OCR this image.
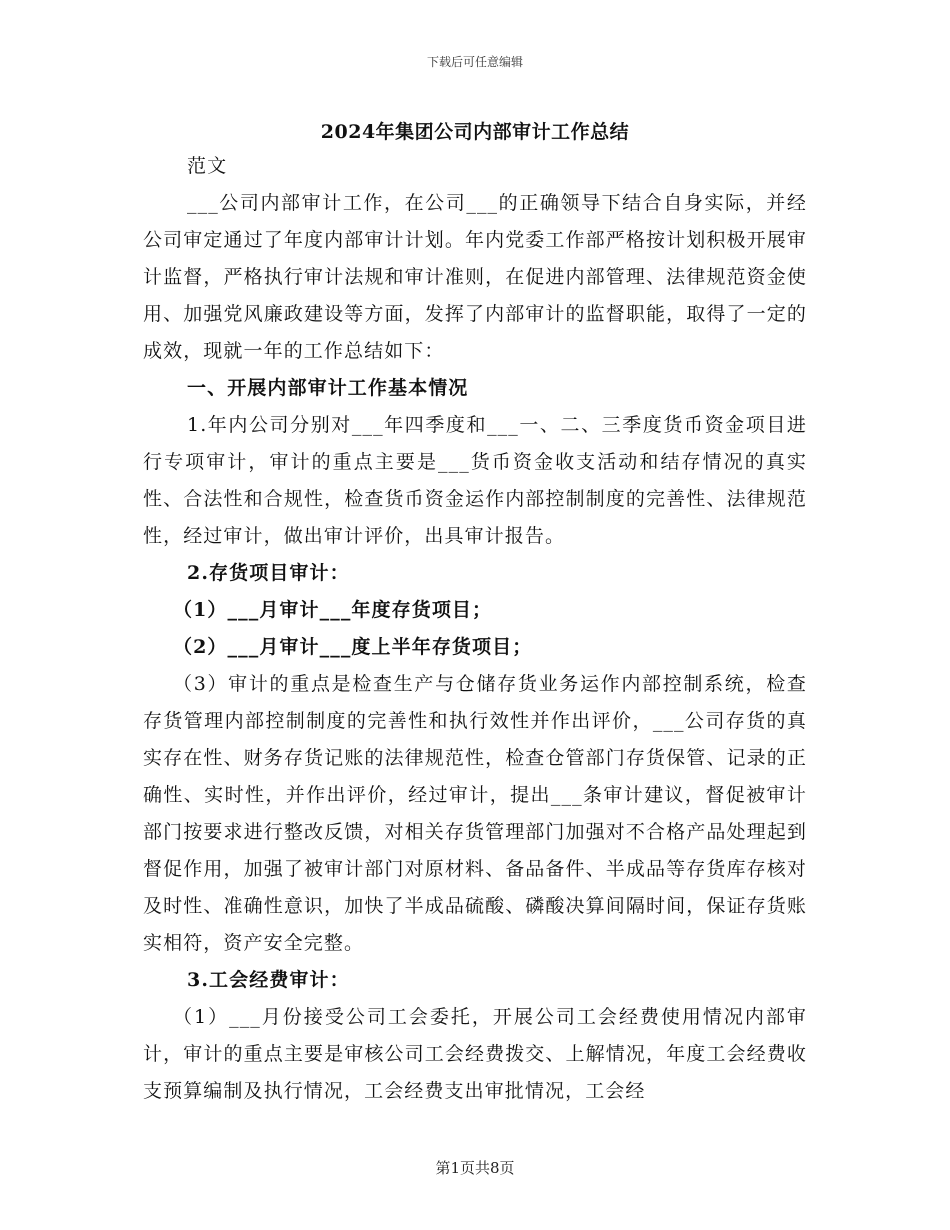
下载后可任意编辑
2024年集团公司内部审计工作总结

范文

___公司内部审计工作，在公司___的正确领导下结合自身实际，并经公司审定通过了年度内部审计计划。年内党委工作部严格按计划积极开展审计监督，严格执行审计法规和审计准则，在促进内部管理、法律规范资金使用、加强党风廉政建设等方面，发挥了内部审计的监督职能，取得了一定的成效，现就一年的工作总结如下：

一、开展内部审计工作基本情况

1.年内公司分别对___年四季度和___一、二、三季度货币资金项目进行专项审计，审计的重点主要是___货币资金收支活动和结存情况的真实性、合法性和合规性，检查货币资金运作内部控制制度的完善性、法律规范性，经过审计，做出审计评价，出具审计报告。

2.存货项目审计：

（1）___月审计___年度存货项目；

（2）___月审计___度上半年存货项目；

（3）审计的重点是检查生产与仓储存货业务运作内部控制系统，检查存货管理内部控制制度的完善性和执行效性并作出评价，___公司存货的真实存在性、财务存货记账的法律规范性，检查仓管部门存货保管、记录的正确性、实时性，并作出评价，经过审计，提出___条审计建议，督促被审计部门按要求进行整改反馈，对相关存货管理部门加强对不合格产品处理起到督促作用，加强了被审计部门对原材料、备品备件、半成品等存货库存核对及时性、准确性意识，加快了半成品硫酸、磷酸决算间隔时间，保证存货账实相符，资产安全完整。

3.工会经费审计：

（1）___月份接受公司工会委托，开展公司工会经费使用情况内部审计，审计的重点主要是审核公司工会经费拨交、上解情况，年度工会经费收支预算编制及执行情况，工会经费支出审批情况，工会经

第1页共8页
